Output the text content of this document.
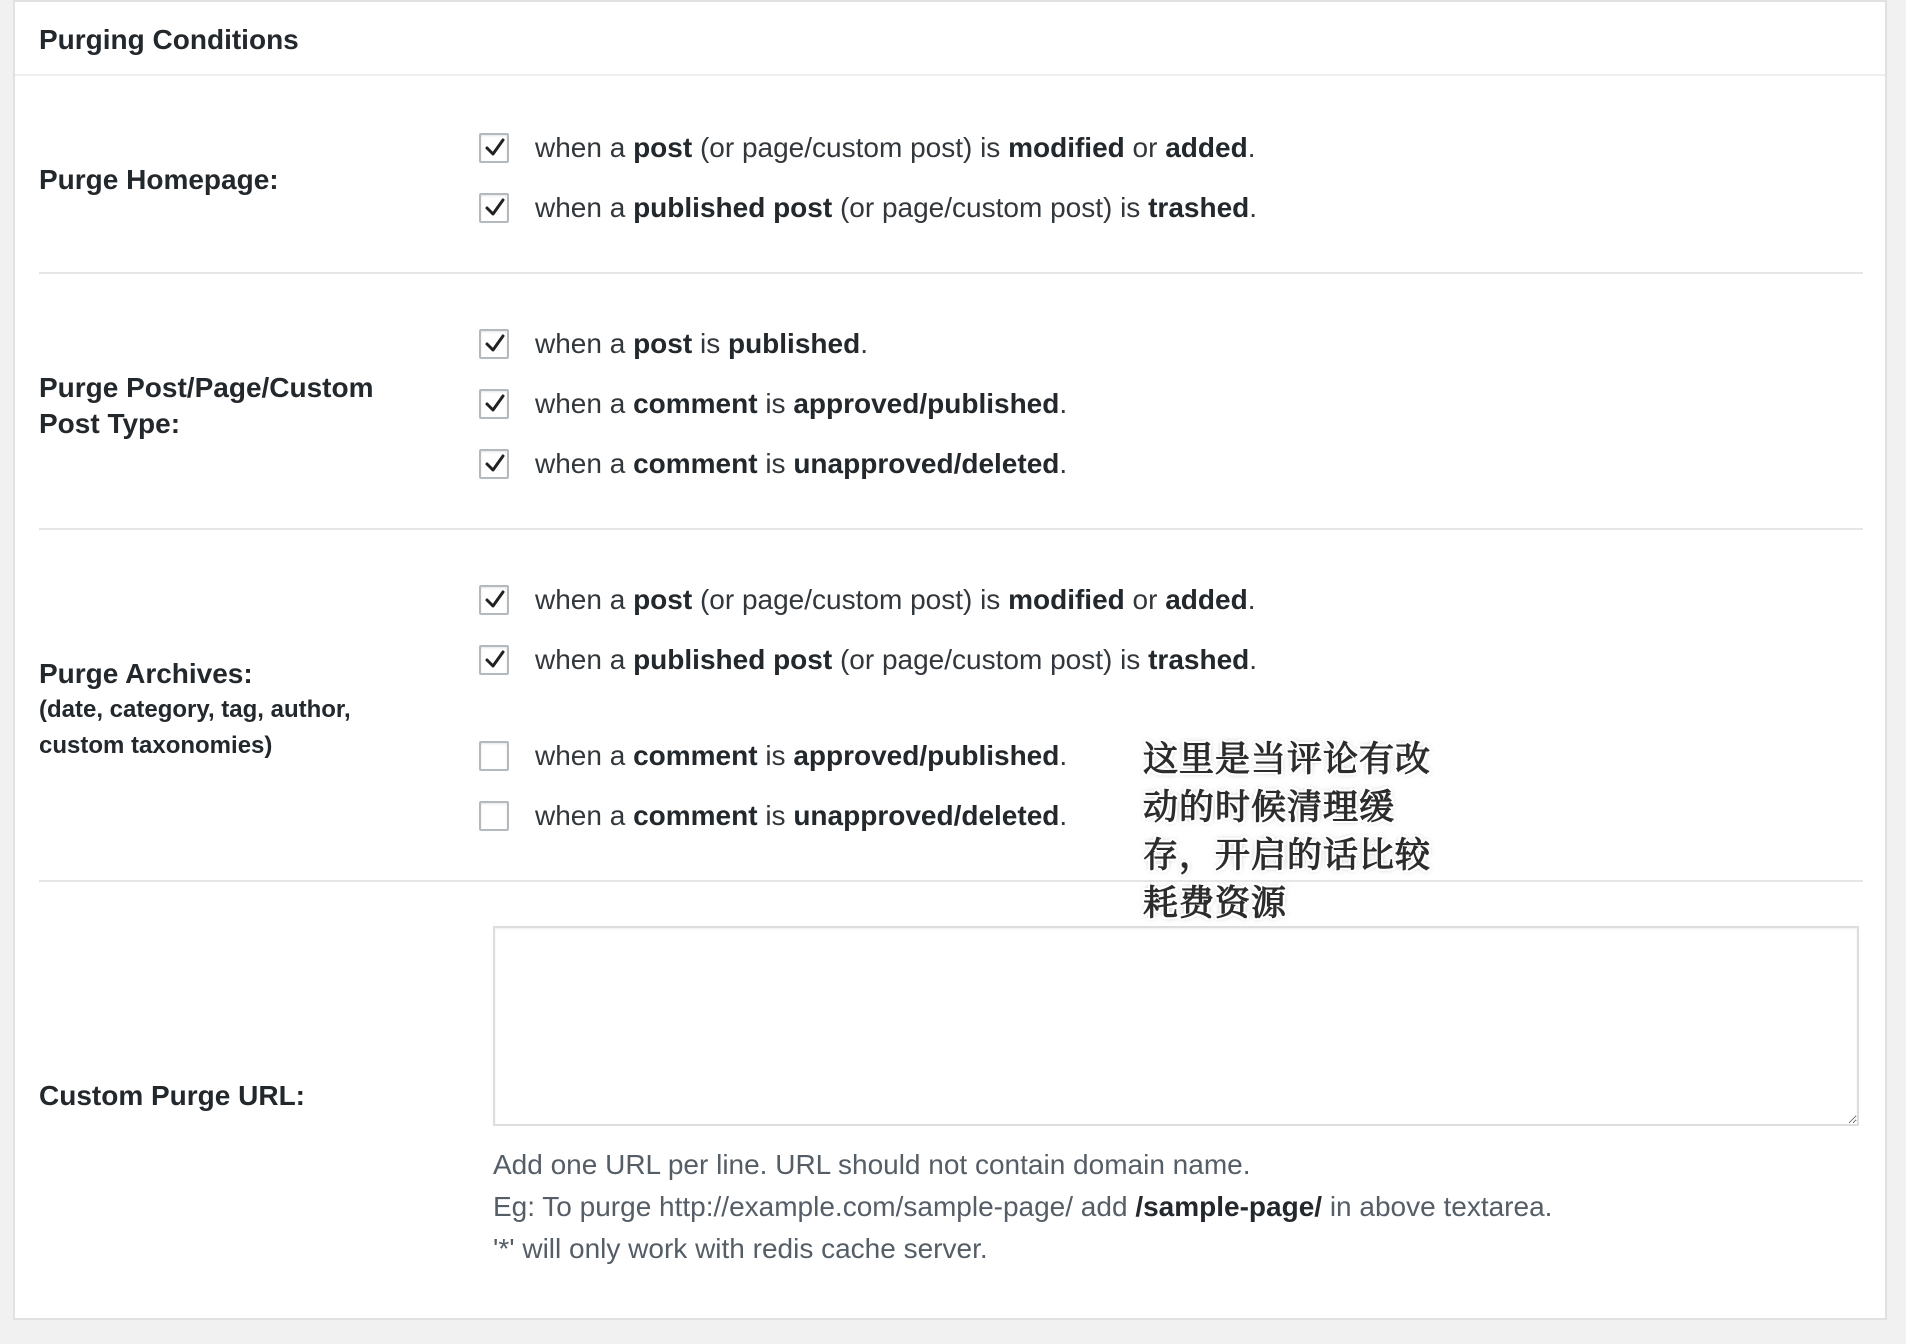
Purging Conditions
Purge Homepage:
when a post (or page/custom post) is modified or added.
when a published post (or page/custom post) is trashed.
Purge Post/Page/Custom
Post Type:
when a post is published.
when a comment is approved/published.
when a comment is unapproved/deleted.
Purge Archives:
(date, category, tag, author,
custom taxonomies)
when a post (or page/custom post) is modified or added.
when a published post (or page/custom post) is trashed.
when a comment is approved/published.
when a comment is unapproved/deleted.
这里是当评论有改
动的时候清理缓
存，开启的话比较
耗费资源
Custom Purge URL:
Add one URL per line. URL should not contain domain name.
Eg: To purge http://example.com/sample-page/ add /sample-page/ in above textarea.
'*' will only work with redis cache server.
